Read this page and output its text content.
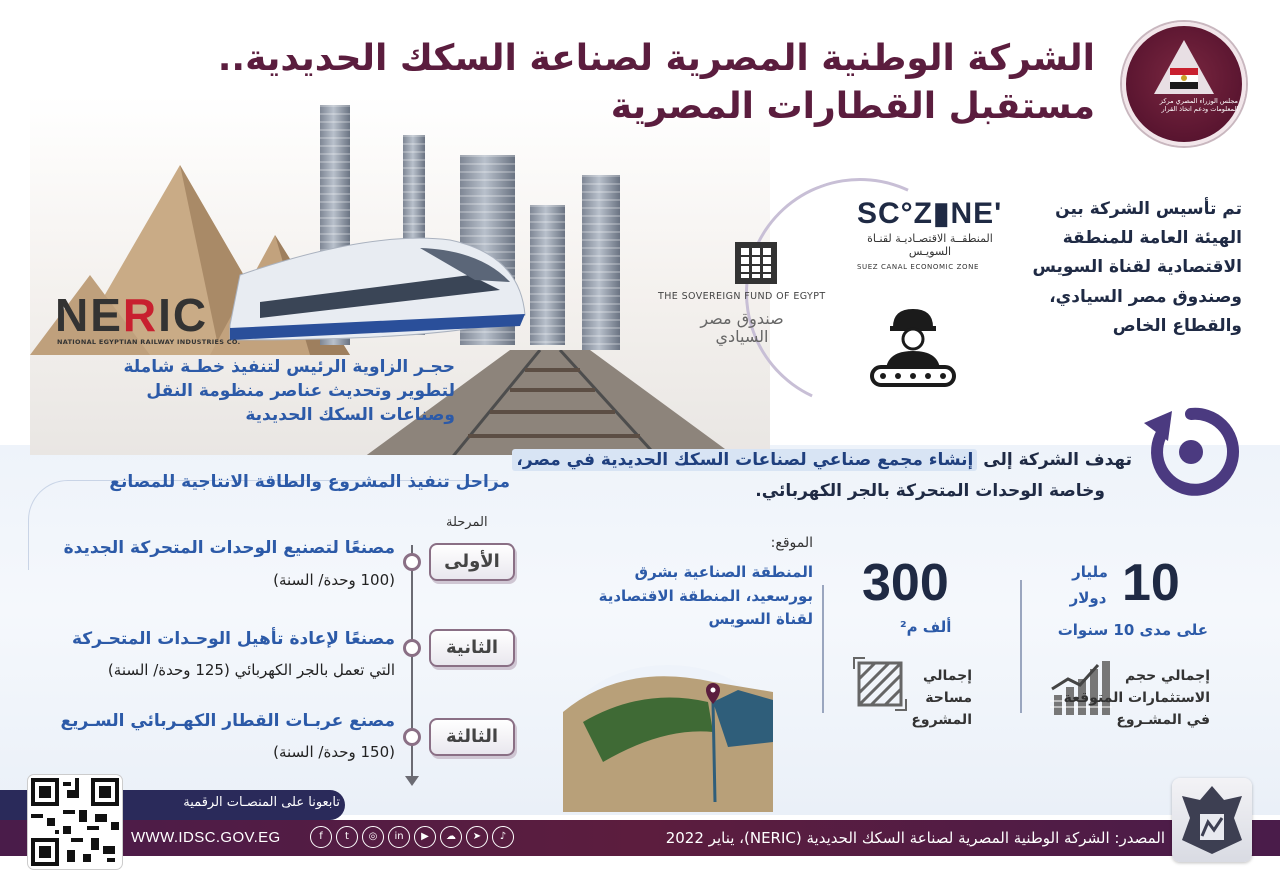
مجلس الوزراء المصري مركز المعلومات ودعم اتخاذ القرار
الشركة الوطنية المصرية لصناعة السكك الحديدية..
مستقبل القطارات المصرية
NERIC
NATIONAL EGYPTIAN RAILWAY INDUSTRIES CO.
حجـر الزاوية الرئيس لتنفيذ خطـة شاملة لتطوير وتحديث عناصر منظومة النقل وصناعات السكك الحديدية
SC°Z▮NE'
المنطقــة الاقتصـاديـة لقنـاة السويـس
SUEZ CANAL ECONOMIC ZONE
THE SOVEREIGN FUND OF EGYPT
صندوق مصر السيادي
تم تأسيس الشركة بين الهيئة العامة للمنطقة الاقتصادية لقناة السويس وصندوق مصر السيادي، والقطاع الخاص
تهدف الشركة إلى إنشاء مجمع صناعي لصناعات السكك الحديدية في مصر،
وخاصة الوحدات المتحركة بالجر الكهربائي.
مراحل تنفيذ المشروع والطاقة الانتاجية للمصانع
المرحلة
الأولى
مصنعًا لتصنيع الوحدات المتحركة الجديدة
(100 وحدة/ السنة)
الثانية
مصنعًا لإعادة تأهيل الوحـدات المتحـركة
التي تعمل بالجر الكهربائي (125 وحدة/ السنة)
الثالثة
مصنع عربـات القطار الكهـربائي السـريع
(150 وحدة/ السنة)
الموقع:
المنطقة الصناعية بشرق بورسعيد، المنطقة الاقتصادية لقناة السويس
300
ألف م²
إجمالي مساحة المشروع
10
مليار
دولار
على مدى 10 سنوات
إجمالي حجم الاستثمارات المتوقعة في المشـروع
تابعونا على المنصـات الرقمية
WWW.IDSC.GOV.EG	f	t	◎	in	▶	☁	➤	♪	المصدر: الشركة الوطنية المصرية لصناعة السكك الحديدية (NERIC)، يناير 2022
